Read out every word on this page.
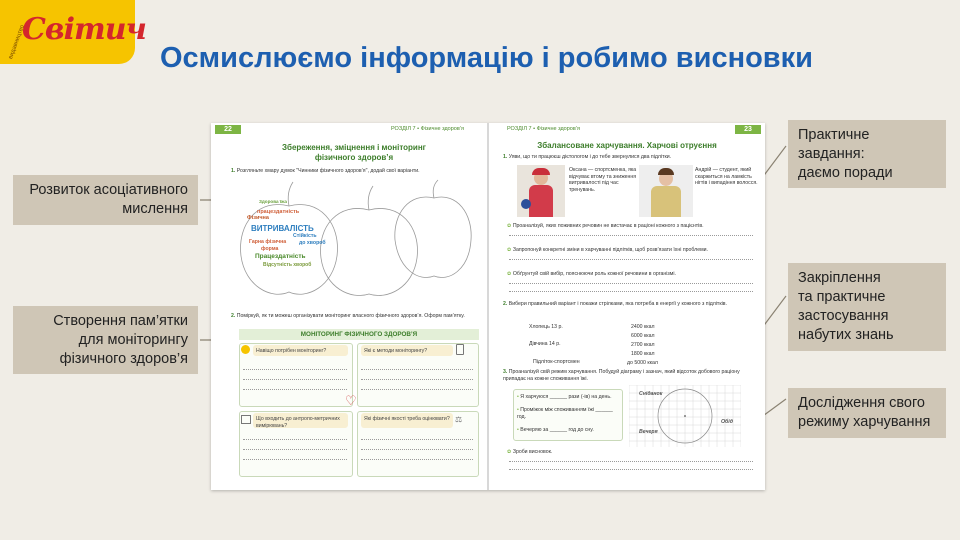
Світич
видавництво	Осмислюємо інформацію і робимо висновки
Розвиток асоціативного
мислення
Створення пам’ятки
для моніторингу
фізичного здоров’я
Практичне
завдання:
даємо поради
Закріплення
та практичне
застосування
набутих знань
Дослідження свого
режиму харчування
22	РОЗДІЛ 7 • Фізичне здоров’я
Збереження, зміцнення і моніторинг
фізичного здоров’я
1. Розгляньте хмару думок "Чинники фізичного здоров’я", додай свої варіанти.
Здорова їжа
Фізична
працездатність
ВИТРИВАЛІСТЬ
Гарна фізична
форма
Стійкість
до хвороб
Працездатність
Відсутність хвороб
2. Поміркуй, як ти можеш організувати моніторинг власного фізичного здоров’я. Оформ пам’ятку.
МОНІТОРИНГ ФІЗИЧНОГО ЗДОРОВ’Я
Навіщо потрібен моніторинг?	Які є методи моніторингу?
♡
Що входить до антропо-метричних вимірювань?
Які фізичні якості треба оцінювати? ⚖
РОЗДІЛ 7 • Фізичне здоров’я	23
Збалансоване харчування. Харчові отруєння
1. Уяви, що ти працюєш дієтологом і до тебе звернулися два підлітки.
Оксана — спортсменка, яка відчуває втому та зниження витривалості під час тренувань.
Андрій — студент, який скаржиться на ламкість нігтів і випадіння волосся.
✿ Проаналізуй, яких поживних речовин не вистачає в раціоні кожного з пацієнтів.
✿ Запропонуй конкретні зміни в харчуванні підлітків, щоб розв’язати їхні проблеми.
✿ Обґрунтуй свій вибір, пояснюючи роль кожної речовини в організмі.
2. Вибери правильний варіант і покажи стрілками, яка потреба в енергії у кожного з підлітків.
Хлопець 13 р.
Дівчина 14 р.
Підліток-спортсмен
2400 ккал
6000 ккал
2700 ккал
1800 ккал
до 5000 ккал
3. Проаналізуй свій режим харчування. Побудуй діаграму і зазнач, який відсоток добового раціону припадає на кожне споживання їжі.
• Я харчуюся ______ рази (-ів) на день.
• Проміжок між споживанням їжі ______ год.
• Вечеряю за ______ год до сну.
Сніданок
Обід
Вечеря
✿ Зроби висновок.
